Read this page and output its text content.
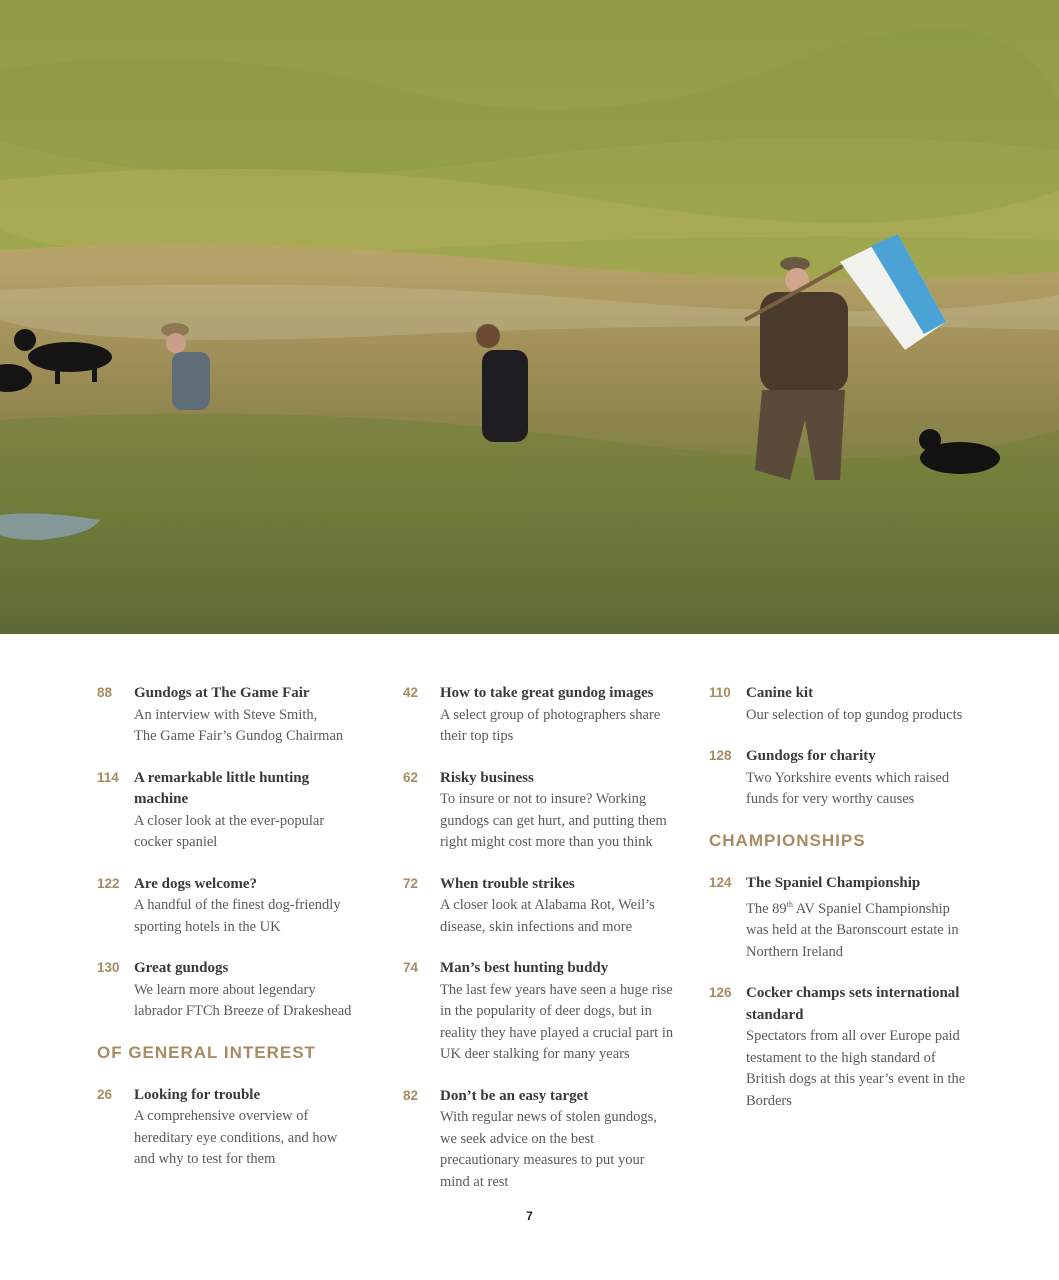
88 Gundogs at The Game Fair
An interview with Steve Smith,
The Game Fair’s Gundog Chairman
114 A remarkable little hunting machine
A closer look at the ever-popular cocker spaniel
122 Are dogs welcome?
A handful of the finest dog-friendly sporting hotels in the UK
130 Great gundogs
We learn more about legendary labrador FTCh Breeze of Drakeshead
OF GENERAL INTEREST
26 Looking for trouble
A comprehensive overview of hereditary eye conditions, and how and why to test for them
42 How to take great gundog images
A select group of photographers share their top tips
62 Risky business
To insure or not to insure? Working gundogs can get hurt, and putting them right might cost more than you think
72 When trouble strikes
A closer look at Alabama Rot, Weil’s disease, skin infections and more
74 Man’s best hunting buddy
The last few years have seen a huge rise in the popularity of deer dogs, but in reality they have played a crucial part in UK deer stalking for many years
82 Don’t be an easy target
With regular news of stolen gundogs, we seek advice on the best precautionary measures to put your mind at rest
110 Canine kit
Our selection of top gundog products
128 Gundogs for charity
Two Yorkshire events which raised funds for very worthy causes
CHAMPIONSHIPS
124 The Spaniel Championship
The 89th AV Spaniel Championship was held at the Baronscourt estate in Northern Ireland
126 Cocker champs sets international standard
Spectators from all over Europe paid testament to the high standard of British dogs at this year’s event in the Borders
7
